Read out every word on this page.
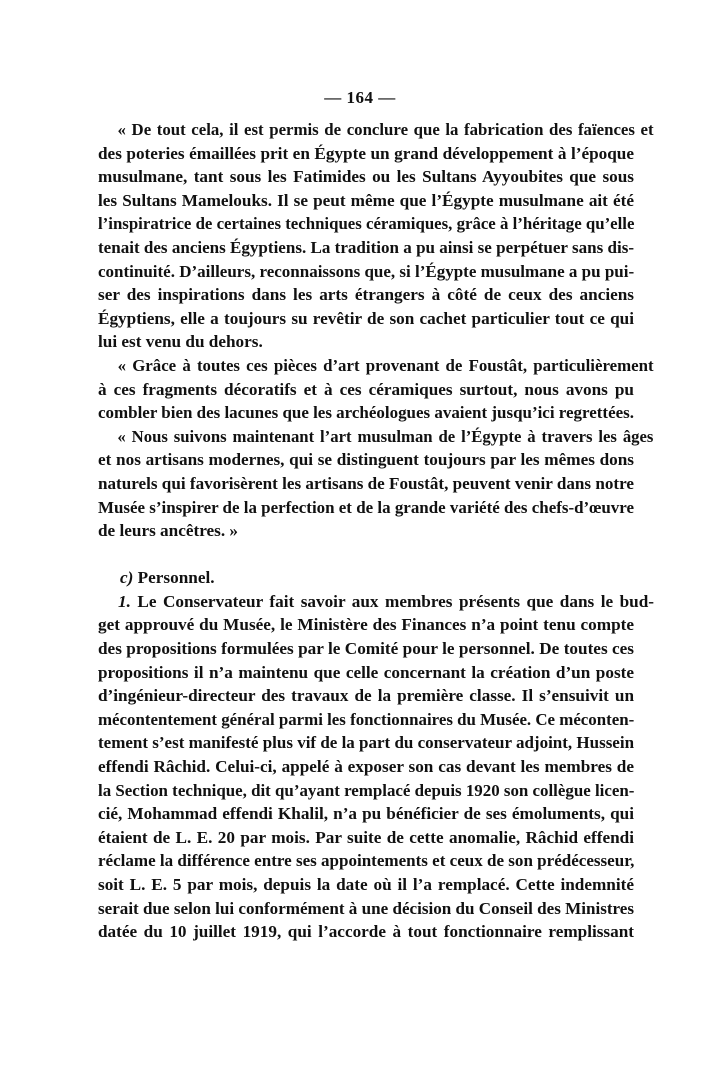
— 164 —
« De tout cela, il est permis de conclure que la fabrication des faïences et
des poteries émaillées prit en Égypte un grand développement à l’époque
musulmane, tant sous les Fatimides ou les Sultans Ayyoubites que sous
les Sultans Mamelouks. Il se peut même que l’Égypte musulmane ait été
l’inspiratrice de certaines techniques céramiques, grâce à l’héritage qu’elle
tenait des anciens Égyptiens. La tradition a pu ainsi se perpétuer sans dis-
continuité. D’ailleurs, reconnaissons que, si l’Égypte musulmane a pu pui-
ser des inspirations dans les arts étrangers à côté de ceux des anciens
Égyptiens, elle a toujours su revêtir de son cachet particulier tout ce qui
lui est venu du dehors.
« Grâce à toutes ces pièces d’art provenant de Foustât, particulièrement
à ces fragments décoratifs et à ces céramiques surtout, nous avons pu
combler bien des lacunes que les archéologues avaient jusqu’ici regrettées.
« Nous suivons maintenant l’art musulman de l’Égypte à travers les âges
et nos artisans modernes, qui se distinguent toujours par les mêmes dons
naturels qui favorisèrent les artisans de Foustât, peuvent venir dans notre
Musée s’inspirer de la perfection et de la grande variété des chefs-d’œuvre
de leurs ancêtres. »
c) Personnel.
1. Le Conservateur fait savoir aux membres présents que dans le bud-
get approuvé du Musée, le Ministère des Finances n’a point tenu compte
des propositions formulées par le Comité pour le personnel. De toutes ces
propositions il n’a maintenu que celle concernant la création d’un poste
d’ingénieur-directeur des travaux de la première classe. Il s’ensuivit un
mécontentement général parmi les fonctionnaires du Musée. Ce méconten-
tement s’est manifesté plus vif de la part du conservateur adjoint, Hussein
effendi Râchid. Celui-ci, appelé à exposer son cas devant les membres de
la Section technique, dit qu’ayant remplacé depuis 1920 son collègue licen-
cié, Mohammad effendi Khalil, n’a pu bénéficier de ses émoluments, qui
étaient de L. E. 20 par mois. Par suite de cette anomalie, Râchid effendi
réclame la différence entre ses appointements et ceux de son prédécesseur,
soit L. E. 5 par mois, depuis la date où il l’a remplacé. Cette indemnité
serait due selon lui conformément à une décision du Conseil des Ministres
datée du 10 juillet 1919, qui l’accorde à tout fonctionnaire remplissant
